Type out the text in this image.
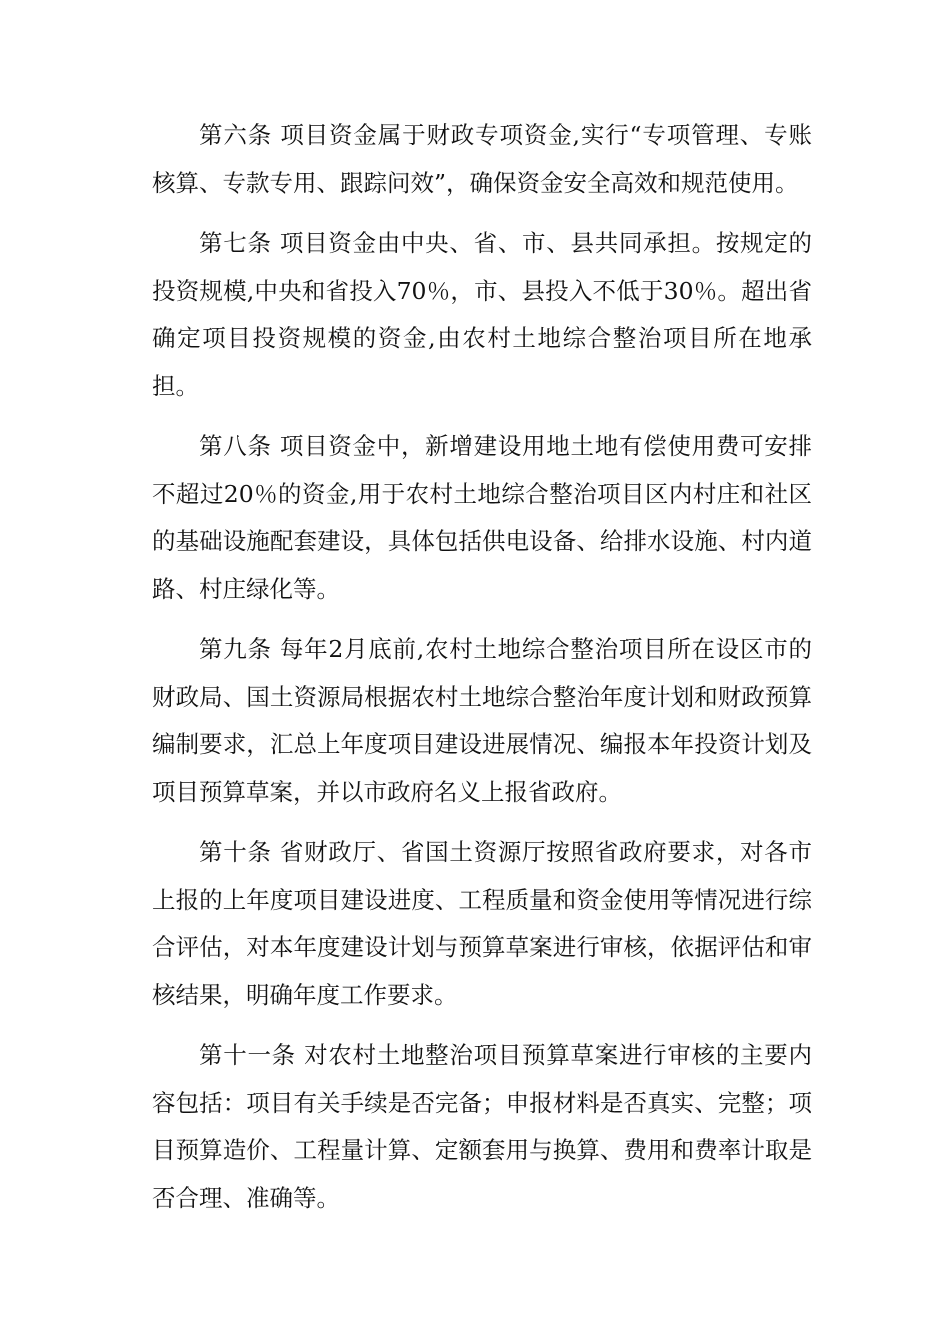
第六条 项目资金属于财政专项资金,实行“专项管理、专账核算、专款专用、跟踪问效”，确保资金安全高效和规范使用。

第七条 项目资金由中央、省、市、县共同承担。按规定的投资规模,中央和省投入70％，市、县投入不低于30％。超出省确定项目投资规模的资金,由农村土地综合整治项目所在地承担。

第八条 项目资金中，新增建设用地土地有偿使用费可安排不超过20％的资金,用于农村土地综合整治项目区内村庄和社区的基础设施配套建设，具体包括供电设备、给排水设施、村内道路、村庄绿化等。

第九条 每年2月底前,农村土地综合整治项目所在设区市的财政局、国土资源局根据农村土地综合整治年度计划和财政预算编制要求，汇总上年度项目建设进展情况、编报本年投资计划及项目预算草案，并以市政府名义上报省政府。

第十条 省财政厅、省国土资源厅按照省政府要求，对各市上报的上年度项目建设进度、工程质量和资金使用等情况进行综合评估，对本年度建设计划与预算草案进行审核，依据评估和审核结果，明确年度工作要求。

第十一条 对农村土地整治项目预算草案进行审核的主要内容包括：项目有关手续是否完备；申报材料是否真实、完整；项目预算造价、工程量计算、定额套用与换算、费用和费率计取是否合理、准确等。
